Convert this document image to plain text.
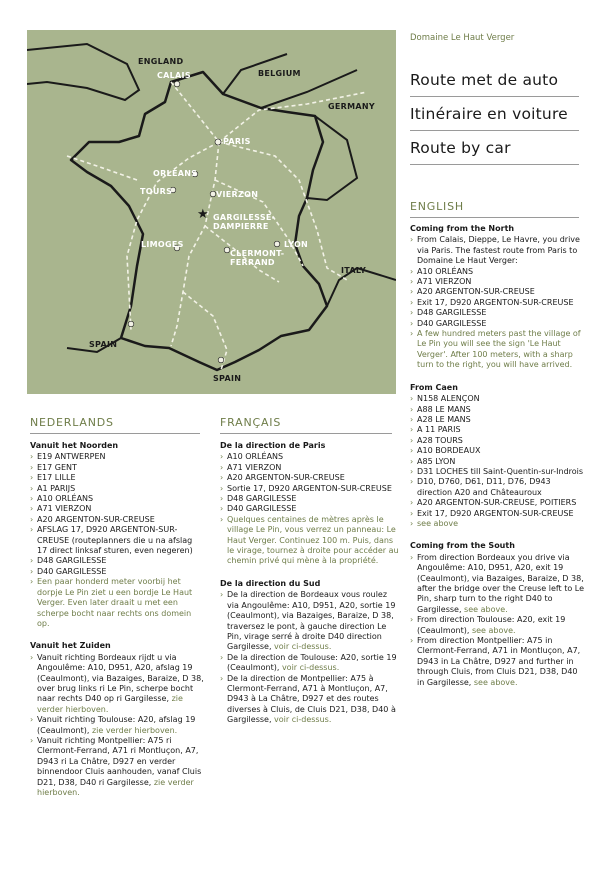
★
ENGLAND
CALAIS	BELGIUM
GERMANY
PARIS
ORLÉANS
TOURS	VIERZON
GARGILESSE-
DAMPIERRE
LIMOGES
CLERMONT-
FERRAND
LYON
ITALY
SPAIN
SPAIN
Domaine Le Haut Verger
Route met de auto
Itinéraire en voiture
Route by car
ENGLISH
Coming from the North
› From Calais, Dieppe, Le Havre, you drive via Paris. The fastest route from Paris to Domaine Le Haut Verger:
› A10 ORLÉANS
› A71 VIERZON
› A20 ARGENTON-SUR-CREUSE
› Exit 17, D920 ARGENTON-SUR-CREUSE
› D48 GARGILESSE
› D40 GARGILESSE
› A few hundred meters past the village of Le Pin you will see the sign 'Le Haut Verger'. After 100 meters, with a sharp turn to the right, you will have arrived.
From Caen
› N158 ALENÇON
› A88 LE MANS
› A28 LE MANS
› A 11 PARIS
› A28 TOURS
› A10 BORDEAUX
› A85 LYON
› D31 LOCHES till Saint-Quentin-sur-Indrois
› D10, D760, D61, D11, D76, D943 direction A20 and Châteauroux
› A20 ARGENTON-SUR-CREUSE, POITIERS
› Exit 17, D920 ARGENTON-SUR-CREUSE
› see above
Coming from the South
› From direction Bordeaux you drive via Angoulême: A10, D951, A20, exit 19 (Ceaulmont), via Bazaiges, Baraize, D 38, after the bridge over the Creuse left to Le Pin, sharp turn to the right D40 to Gargilesse, see above.
› From direction Toulouse: A20, exit 19 (Ceaulmont), see above.
› From direction Montpellier: A75 in Clermont-Ferrand, A71 in Montluçon, A7, D943 in La Châtre, D927 and further in through Cluis, from Cluis D21, D38, D40 in Gargilesse, see above.
NEDERLANDS
Vanuit het Noorden
› E19 ANTWERPEN
› E17 GENT
› E17 LILLE
› A1 PARIJS
› A10 ORLÉANS
› A71 VIERZON
› A20 ARGENTON-SUR-CREUSE
› AFSLAG 17, D920 ARGENTON-SUR-CREUSE (routeplanners die u na afslag 17 direct linksaf sturen, even negeren)
› D48 GARGILESSE
› D40 GARGILESSE
› Een paar honderd meter voorbij het dorpje Le Pin ziet u een bordje Le Haut Verger. Even later draait u met een scherpe bocht naar rechts ons domein op.
Vanuit het Zuiden
› Vanuit richting Bordeaux rijdt u via Angoulême: A10, D951, A20, afslag 19 (Ceaulmont), via Bazaiges, Baraize, D 38, over brug links ri Le Pin, scherpe bocht naar rechts D40 op ri Gargilesse, zie verder hierboven.
› Vanuit richting Toulouse: A20, afslag 19 (Ceaulmont), zie verder hierboven.
› Vanuit richting Montpellier: A75 ri Clermont-Ferrand, A71 ri Montluçon, A7, D943 ri La Châtre, D927 en verder binnendoor Cluis aanhouden, vanaf Cluis D21, D38, D40 ri Gargilesse, zie verder hierboven.
FRANÇAIS
De la direction de Paris
› A10 ORLÉANS
› A71 VIERZON
› A20 ARGENTON-SUR-CREUSE
› Sortie 17, D920 ARGENTON-SUR-CREUSE
› D48 GARGILESSE
› D40 GARGILESSE
› Quelques centaines de mètres après le village Le Pin, vous verrez un panneau: Le Haut Verger. Continuez 100 m. Puis, dans le virage, tournez à droite pour accéder au chemin privé qui mène à la propriété.
De la direction du Sud
› De la direction de Bordeaux vous roulez via Angoulême: A10, D951, A20, sortie 19 (Ceaulmont), via Bazaiges, Baraize, D 38, traversez le pont, à gauche direction Le Pin, virage serré à droite D40 direction Gargilesse, voir ci-dessus.
› De la direction de Toulouse: A20, sortie 19 (Ceaulmont), voir ci-dessus.
› De la direction de Montpellier: A75 à Clermont-Ferrand, A71 à Montluçon, A7, D943 à La Châtre, D927 et des routes diverses à Cluis, de Cluis D21, D38, D40 à Gargilesse, voir ci-dessus.
